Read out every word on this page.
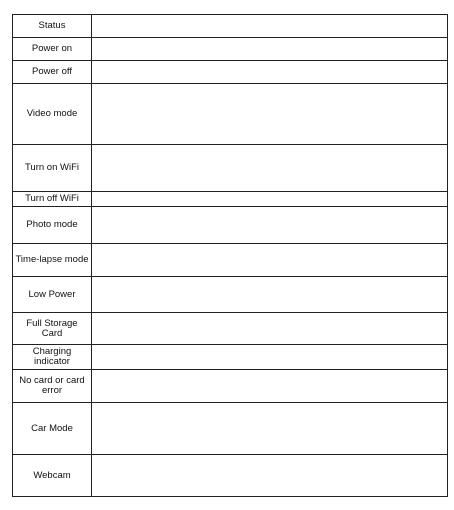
Status	
Power on	
Power off	
Video mode	
Turn on WiFi	
Turn off WiFi	
Photo mode	
Time-lapse mode	
Low Power	
Full Storage Card	
Charging indicator	
No card or card error	
Car Mode	
Webcam	
